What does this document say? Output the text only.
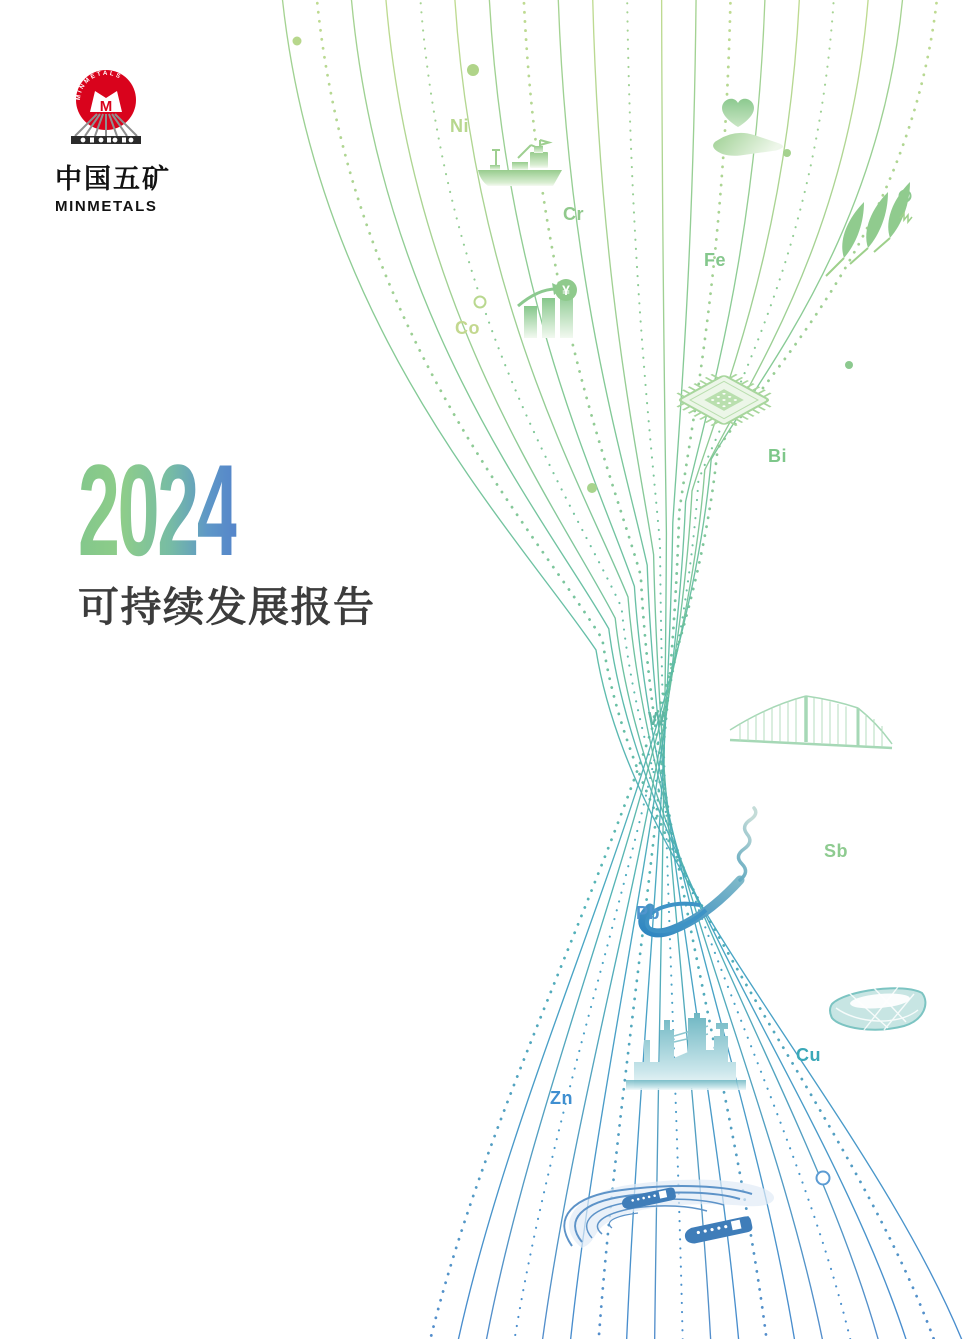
¥
Ni
Cr
Fe
Co
Bi
W
Sb
Pb
Zn
Cu
MINMETALS
M
中国五矿
MINMETALS
2024
可持续发展报告
